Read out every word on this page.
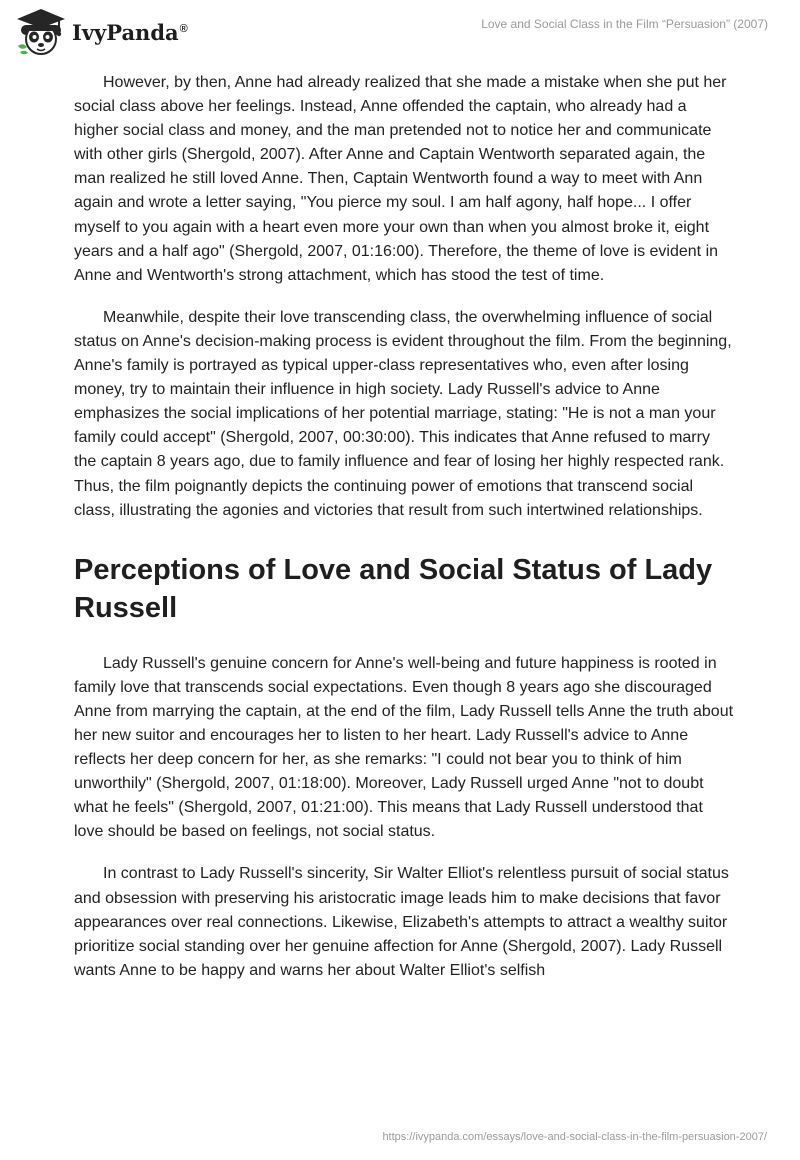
IvyPanda®	Love and Social Class in the Film “Persuasion” (2007)

However, by then, Anne had already realized that she made a mistake when she put her social class above her feelings. Instead, Anne offended the captain, who already had a higher social class and money, and the man pretended not to notice her and communicate with other girls (Shergold, 2007). After Anne and Captain Wentworth separated again, the man realized he still loved Anne. Then, Captain Wentworth found a way to meet with Ann again and wrote a letter saying, "You pierce my soul. I am half agony, half hope... I offer myself to you again with a heart even more your own than when you almost broke it, eight years and a half ago" (Shergold, 2007, 01:16:00). Therefore, the theme of love is evident in Anne and Wentworth's strong attachment, which has stood the test of time.

Meanwhile, despite their love transcending class, the overwhelming influence of social status on Anne's decision-making process is evident throughout the film. From the beginning, Anne's family is portrayed as typical upper-class representatives who, even after losing money, try to maintain their influence in high society. Lady Russell's advice to Anne emphasizes the social implications of her potential marriage, stating: "He is not a man your family could accept" (Shergold, 2007, 00:30:00). This indicates that Anne refused to marry the captain 8 years ago, due to family influence and fear of losing her highly respected rank. Thus, the film poignantly depicts the continuing power of emotions that transcend social class, illustrating the agonies and victories that result from such intertwined relationships.

Perceptions of Love and Social Status of Lady Russell

Lady Russell's genuine concern for Anne's well-being and future happiness is rooted in family love that transcends social expectations. Even though 8 years ago she discouraged Anne from marrying the captain, at the end of the film, Lady Russell tells Anne the truth about her new suitor and encourages her to listen to her heart. Lady Russell's advice to Anne reflects her deep concern for her, as she remarks: "I could not bear you to think of him unworthily" (Shergold, 2007, 01:18:00). Moreover, Lady Russell urged Anne "not to doubt what he feels" (Shergold, 2007, 01:21:00). This means that Lady Russell understood that love should be based on feelings, not social status.

In contrast to Lady Russell's sincerity, Sir Walter Elliot's relentless pursuit of social status and obsession with preserving his aristocratic image leads him to make decisions that favor appearances over real connections. Likewise, Elizabeth's attempts to attract a wealthy suitor prioritize social standing over her genuine affection for Anne (Shergold, 2007). Lady Russell wants Anne to be happy and warns her about Walter Elliot's selfish

https://ivypanda.com/essays/love-and-social-class-in-the-film-persuasion-2007/
